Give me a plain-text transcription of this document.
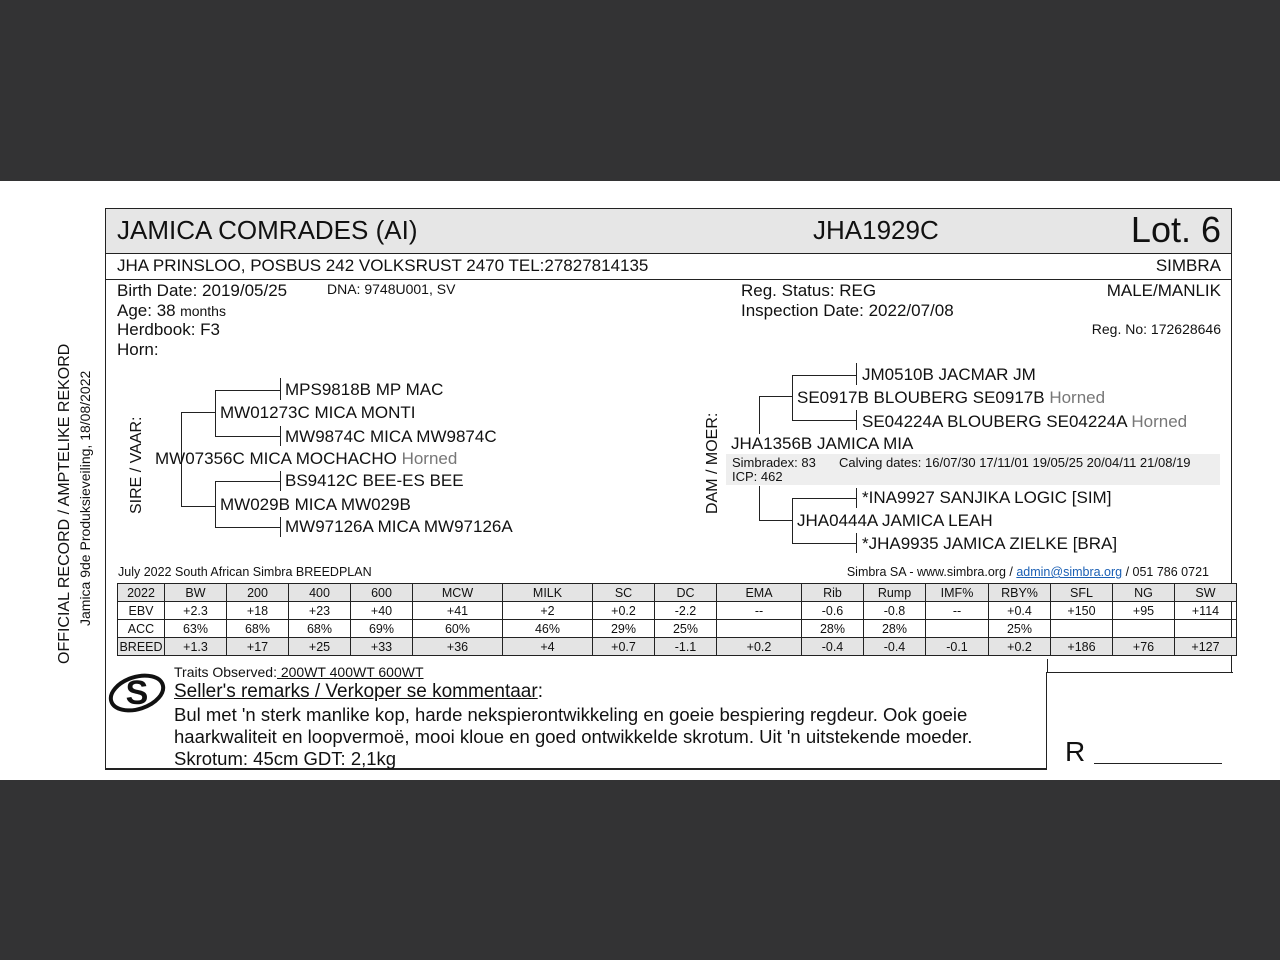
OFFICIAL RECORD / AMPTELIKE REKORD Jamica 9de Produksieveiling, 18/08/2022
JAMICA COMRADES (AI)	JHA1929C	Lot. 6
JHA PRINSLOO, POSBUS 242 VOLKSRUST 2470 TEL:27827814135	SIMBRA
Birth Date: 2019/05/25	DNA: 9748U001, SV
Age: 38 months
Herdbook: F3
Horn:
Reg. Status: REG
Inspection Date: 2022/07/08
MALE/MANLIK
Reg. No: 172628646
SIRE / VAAR:
MPS9818B MP MAC
MW01273C MICA MONTI
MW9874C MICA MW9874C
MW07356C MICA MOCHACHO Horned
BS9412C BEE-ES BEE
MW029B MICA MW029B
MW97126A MICA MW97126A
DAM / MOER:
JM0510B JACMAR JM
SE0917B BLOUBERG SE0917B Horned
SE04224A BLOUBERG SE04224A Horned
JHA1356B JAMICA MIA
Simbradex: 83 Calving dates: 16/07/30 17/11/01 19/05/25 20/04/11 21/08/19
ICP: 462
*INA9927 SANJIKA LOGIC [SIM]
JHA0444A JAMICA LEAH
*JHA9935 JAMICA ZIELKE [BRA]
July 2022 South African Simbra BREEDPLAN	Simbra SA - www.simbra.org / admin@simbra.org / 051 786 0721
2022	BW	200	400	600	MCW	MILK	SC	DC	EMA	Rib	Rump	IMF%	RBY%	SFL	NG	SW
EBV	+2.3	+18	+23	+40	+41	+2	+0.2	-2.2	--	-0.6	-0.8	--	+0.4	+150	+95	+114
ACC	63%	68%	68%	69%	60%	46%	29%	25%		28%	28%		25%			
BREED	+1.3	+17	+25	+33	+36	+4	+0.7	-1.1	+0.2	-0.4	-0.4	-0.1	+0.2	+186	+76	+127
Traits Observed: 200WT 400WT 600WT
S Seller's remarks / Verkoper se kommentaar:
Bul met 'n sterk manlike kop, harde nekspierontwikkeling en goeie bespiering regdeur. Ook goeie
haarkwaliteit en loopvermoë, mooi kloue en goed ontwikkelde skrotum. Uit 'n uitstekende moeder.
Skrotum: 45cm GDT: 2,1kg	R
